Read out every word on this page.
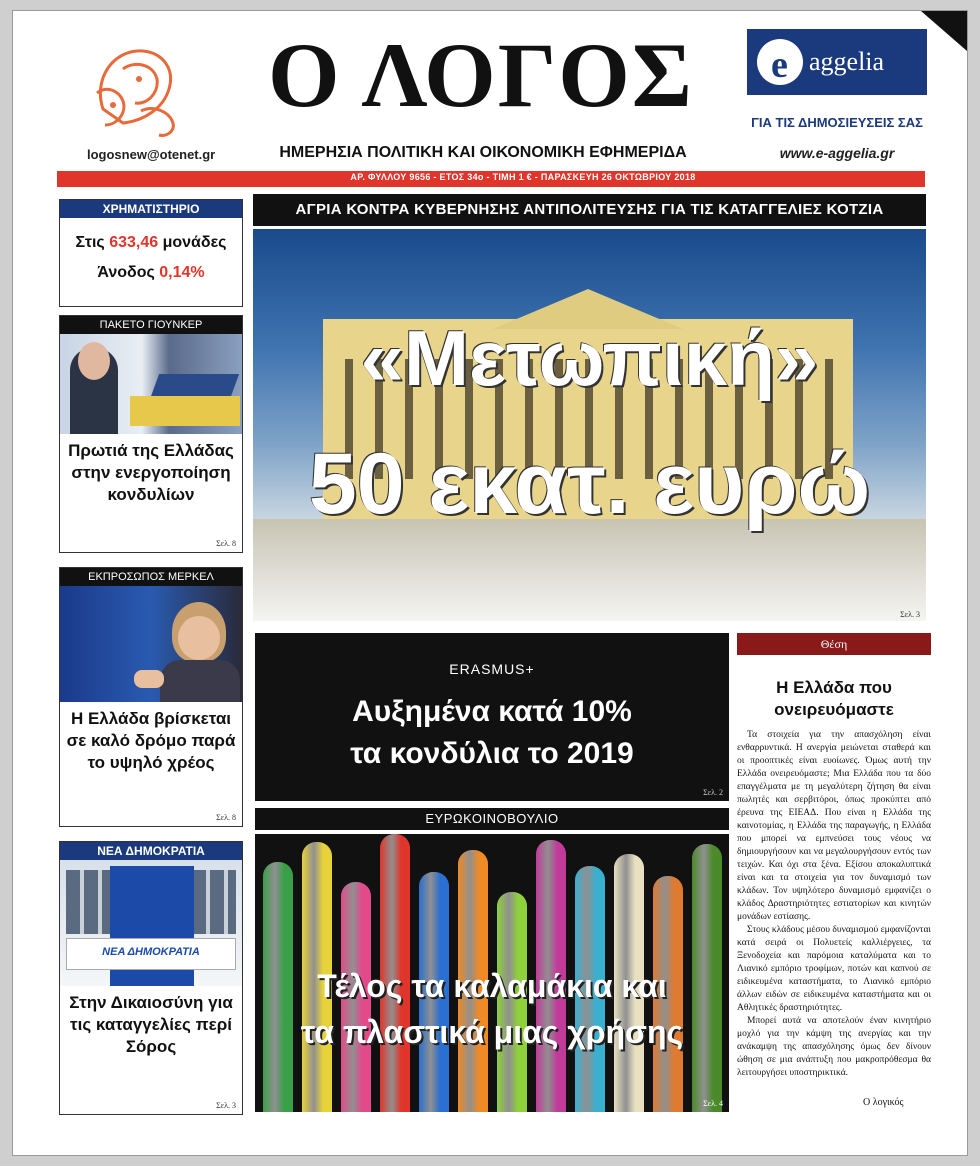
logosnew@otenet.gr
Ο ΛΟΓΟΣ
ΗΜΕΡΗΣΙΑ ΠΟΛΙΤΙΚΗ ΚΑΙ ΟΙΚΟΝΟΜΙΚΗ ΕΦΗΜΕΡΙΔΑ
e aggelia
ΓΙΑ ΤΙΣ ΔΗΜΟΣΙΕΥΣΕΙΣ ΣΑΣ
www.e-aggelia.gr
ΑΡ. ΦΥΛΛΟΥ 9656 - ΕΤΟΣ 34ο - ΤΙΜΗ 1 € - ΠΑΡΑΣΚΕΥΗ 26 ΟΚΤΩΒΡΙΟΥ 2018
ΧΡΗΜΑΤΙΣΤΗΡΙΟ
Στις 633,46 μονάδες
Άνοδος 0,14%
ΠΑΚΕΤΟ ΓΙΟΥΝΚΕΡ
Πρωτιά της Ελλάδας στην ενεργοποίηση κονδυλίων
Σελ. 8
ΕΚΠΡΟΣΩΠΟΣ ΜΕΡΚΕΛ
Η Ελλάδα βρίσκεται σε καλό δρόμο παρά το υψηλό χρέος
Σελ. 8
ΝΕΑ ΔΗΜΟΚΡΑΤΙΑ
ΝΕΑ ΔΗΜΟΚΡΑΤΙΑ
Στην Δικαιοσύνη για τις καταγγελίες περί Σόρος
Σελ. 3
ΑΓΡΙΑ ΚΟΝΤΡΑ ΚΥΒΕΡΝΗΣΗΣ ΑΝΤΙΠΟΛΙΤΕΥΣΗΣ ΓΙΑ ΤΙΣ ΚΑΤΑΓΓΕΛΙΕΣ ΚΟΤΖΙΑ
«Μετωπική»
50 εκατ. ευρώ
Σελ. 3
ERASMUS+
Αυξημένα κατά 10%
τα κονδύλια το 2019
Σελ. 2
ΕΥΡΩΚΟΙΝΟΒΟΥΛΙΟ
Τέλος τα καλαμάκια και
τα πλαστικά μιας χρήσης
Σελ. 4
Θέση
Η Ελλάδα που ονειρευόμαστε

Τα στοιχεία για την απασχόληση είναι ενθαρρυντικά. Η ανεργία μειώνεται σταθερά και οι προοπτικές είναι ευοίωνες. Όμως αυτή την Ελλάδα ονειρευόμαστε; Μια Ελλάδα που τα δύο επαγγέλματα με τη μεγαλύτερη ζήτηση θα είναι πωλητές και σερβιτόροι, όπως προκύπτει από έρευνα της ΕΙΕΑΔ. Που είναι η Ελλάδα της καινοτομίας, η Ελλάδα της παραγωγής, η Ελλάδα που μπορεί να εμπνεύσει τους νέους να δημιουργήσουν και να μεγαλουργήσουν εντός των τειχών. Και όχι στα ξένα. Εξίσου αποκαλυπτικά είναι και τα στοιχεία για τον δυναμισμό των κλάδων. Τον υψηλότερο δυναμισμό εμφανίζει ο κλάδος Δραστηριότητες εστιατορίων και κινητών μονάδων εστίασης.

Στους κλάδους μέσου δυναμισμού εμφανίζονται κατά σειρά οι Πολυετείς καλλιέργειες, τα Ξενοδοχεία και παρόμοια καταλύματα και το Λιανικό εμπόριο τροφίμων, ποτών και καπνού σε ειδικευμένα καταστήματα, το Λιανικό εμπόριο άλλων ειδών σε ειδικευμένα καταστήματα και οι Αθλητικές δραστηριότητες.

Μπορεί αυτά να αποτελούν έναν κινητήριο μοχλό για την κάμψη της ανεργίας και την ανάκαμψη της απασχόλησης όμως δεν δίνουν ώθηση σε μια ανάπτυξη που μακροπρόθεσμα θα λειτουργήσει υποστηρικτικά.

Ο λογικός
